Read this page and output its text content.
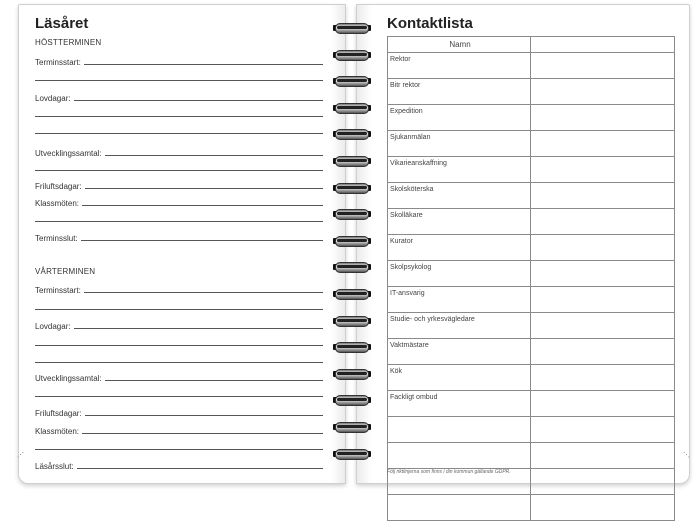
Läsåret
HÖSTTERMINEN
Terminsstart:
Lovdagar:
Utvecklingssamtal:
Friluftsdagar:
Klassmöten:
Terminsslut:
VÅRTERMINEN
Terminsstart:
Lovdagar:
Utvecklingssamtal:
Friluftsdagar:
Klassmöten:
Läsårsslut:
⋰
Kontaktlista
Namn	
Rektor	
Bitr rektor	
Expedition	
Sjukanmälan	
Vikarieanskaffning	
Skolsköterska	
Skolläkare	
Kurator	
Skolpsykolog	
IT-ansvarig	
Studie- och yrkesvägledare	
Vaktmästare	
Kök	
Fackligt ombud	

Följ riktlinjerna som finns i din kommun gällande GDPR.
⋱
